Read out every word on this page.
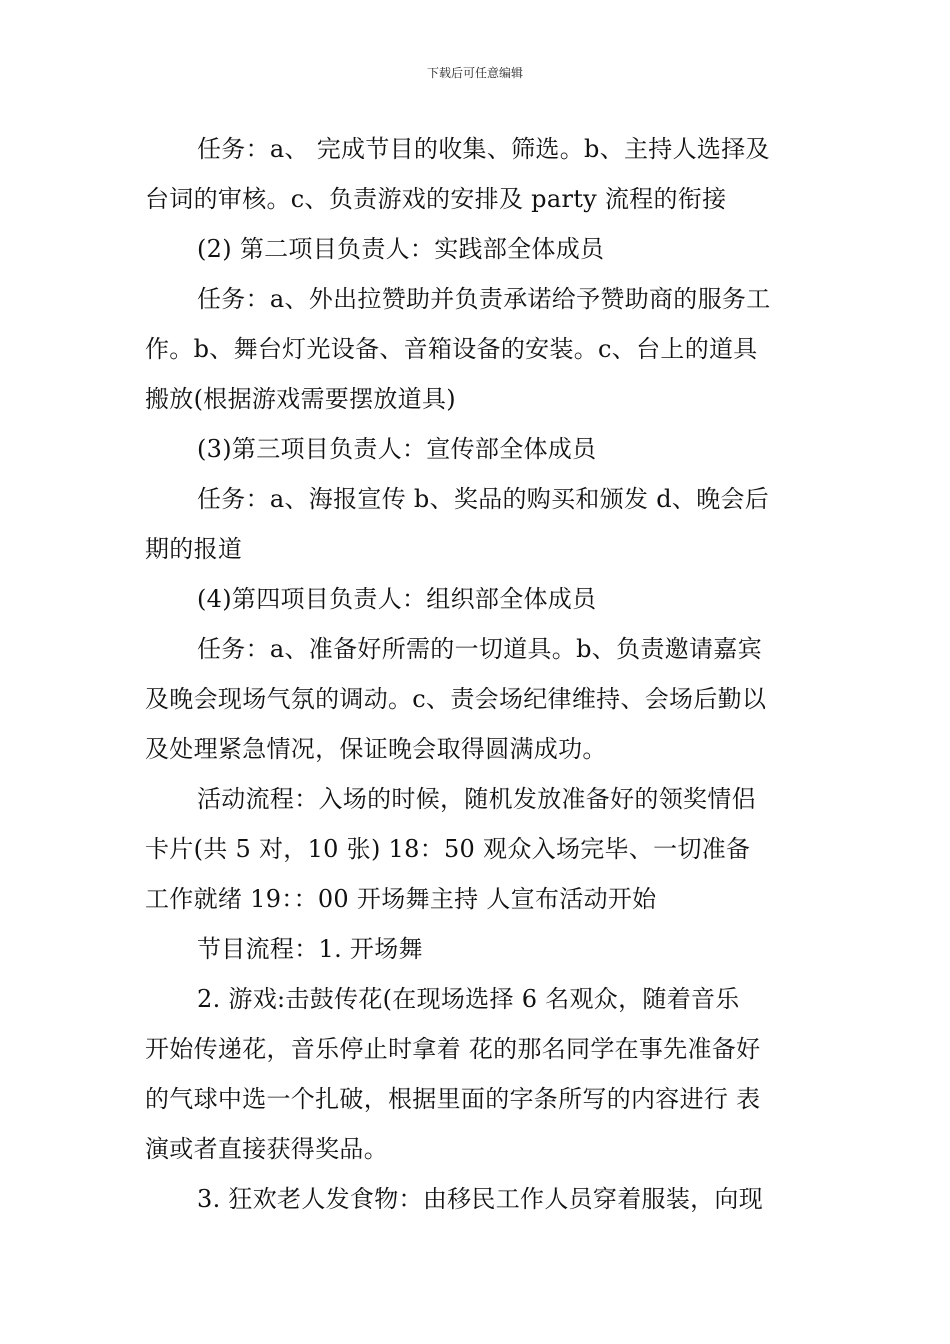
下载后可任意编辑
任务：a、 完成节目的收集、筛选。b、主持人选择及
台词的审核。c、负责游戏的安排及 party 流程的衔接
(2) 第二项目负责人：实践部全体成员
任务：a、外出拉赞助并负责承诺给予赞助商的服务工
作。b、舞台灯光设备、音箱设备的安装。c、台上的道具
搬放(根据游戏需要摆放道具)
(3)第三项目负责人：宣传部全体成员
任务：a、海报宣传 b、奖品的购买和颁发 d、晚会后
期的报道
(4)第四项目负责人：组织部全体成员
任务：a、准备好所需的一切道具。b、负责邀请嘉宾
及晚会现场气氛的调动。c、责会场纪律维持、会场后勤以
及处理紧急情况，保证晚会取得圆满成功。
活动流程：入场的时候，随机发放准备好的领奖情侣
卡片(共 5 对，10 张) 18：50 观众入场完毕、一切准备
工作就绪 19：：00 开场舞主持 人宣布活动开始
节目流程：1. 开场舞
2. 游戏:击鼓传花(在现场选择 6 名观众，随着音乐
开始传递花，音乐停止时拿着 花的那名同学在事先准备好
的气球中选一个扎破，根据里面的字条所写的内容进行 表
演或者直接获得奖品。
3. 狂欢老人发食物：由移民工作人员穿着服装，向现
